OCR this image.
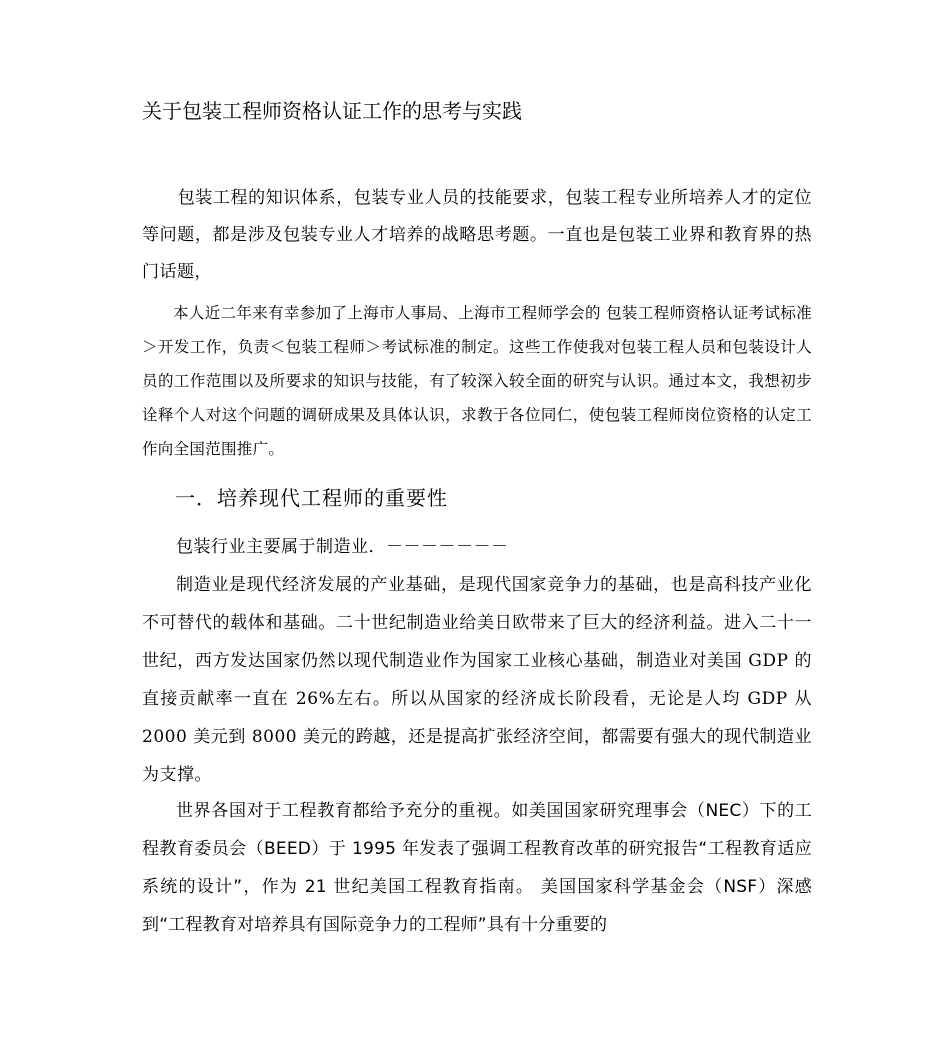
关于包装工程师资格认证工作的思考与实践

包装工程的知识体系，包装专业人员的技能要求，包装工程专业所培养人才的定位等问题，都是涉及包装专业人才培养的战略思考题。一直也是包装工业界和教育界的热门话题，

本人近二年来有幸参加了上海市人事局、上海市工程师学会的 包装工程师资格认证考试标准＞开发工作，负责＜包装工程师＞考试标准的制定。这些工作使我对包装工程人员和包装设计人员的工作范围以及所要求的知识与技能，有了较深入较全面的研究与认识。通过本文，我想初步诠释个人对这个问题的调研成果及具体认识，求教于各位同仁，使包装工程师岗位资格的认定工作向全国范围推广。

一．培养现代工程师的重要性

包装行业主要属于制造业．－－－－－－－

制造业是现代经济发展的产业基础，是现代国家竞争力的基础，也是高科技产业化不可替代的载体和基础。二十世纪制造业给美日欧带来了巨大的经济利益。进入二十一世纪，西方发达国家仍然以现代制造业作为国家工业核心基础，制造业对美国 GDP 的直接贡献率一直在 26%左右。所以从国家的经济成长阶段看，无论是人均 GDP 从 2000 美元到 8000 美元的跨越，还是提高扩张经济空间，都需要有强大的现代制造业为支撑。

世界各国对于工程教育都给予充分的重视。如美国国家研究理事会（NEC）下的工程教育委员会（BEED）于 1995 年发表了强调工程教育改革的研究报告“工程教育适应系统的设计”，作为 21 世纪美国工程教育指南。 美国国家科学基金会（NSF）深感到“工程教育对培养具有国际竞争力的工程师”具有十分重要的
